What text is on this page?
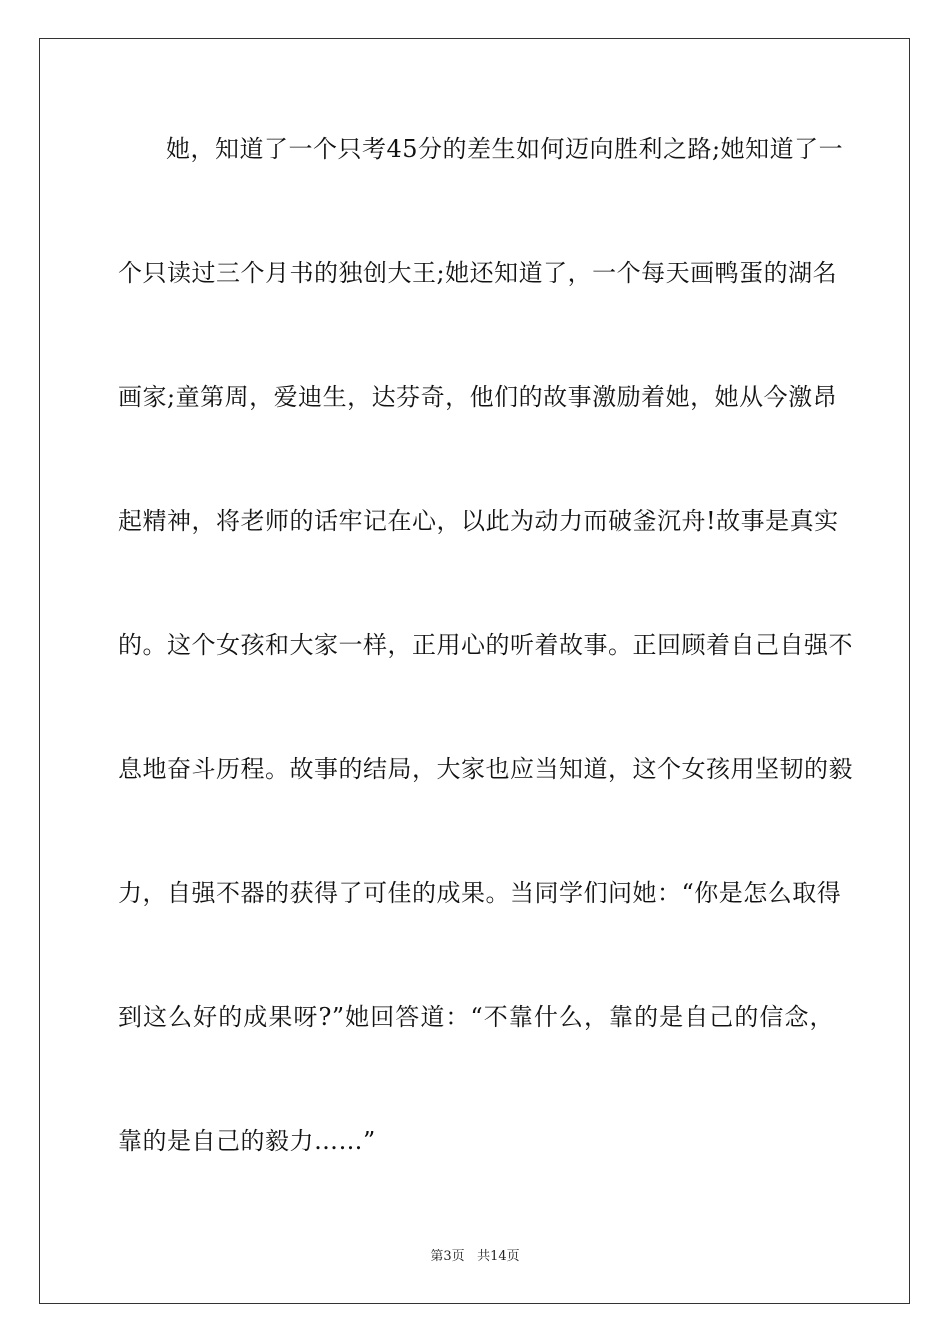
她，知道了一个只考45分的差生如何迈向胜利之路;她知道了一
个只读过三个月书的独创大王;她还知道了，一个每天画鸭蛋的湖名
画家;童第周，爱迪生，达芬奇，他们的故事激励着她，她从今激昂
起精神，将老师的话牢记在心，以此为动力而破釜沉舟!故事是真实
的。这个女孩和大家一样，正用心的听着故事。正回顾着自己自强不
息地奋斗历程。故事的结局，大家也应当知道，这个女孩用坚韧的毅
力，自强不器的获得了可佳的成果。当同学们问她：“你是怎么取得
到这么好的成果呀?”她回答道：“不靠什么，靠的是自己的信念，
靠的是自己的毅力……”
第3页 共14页
